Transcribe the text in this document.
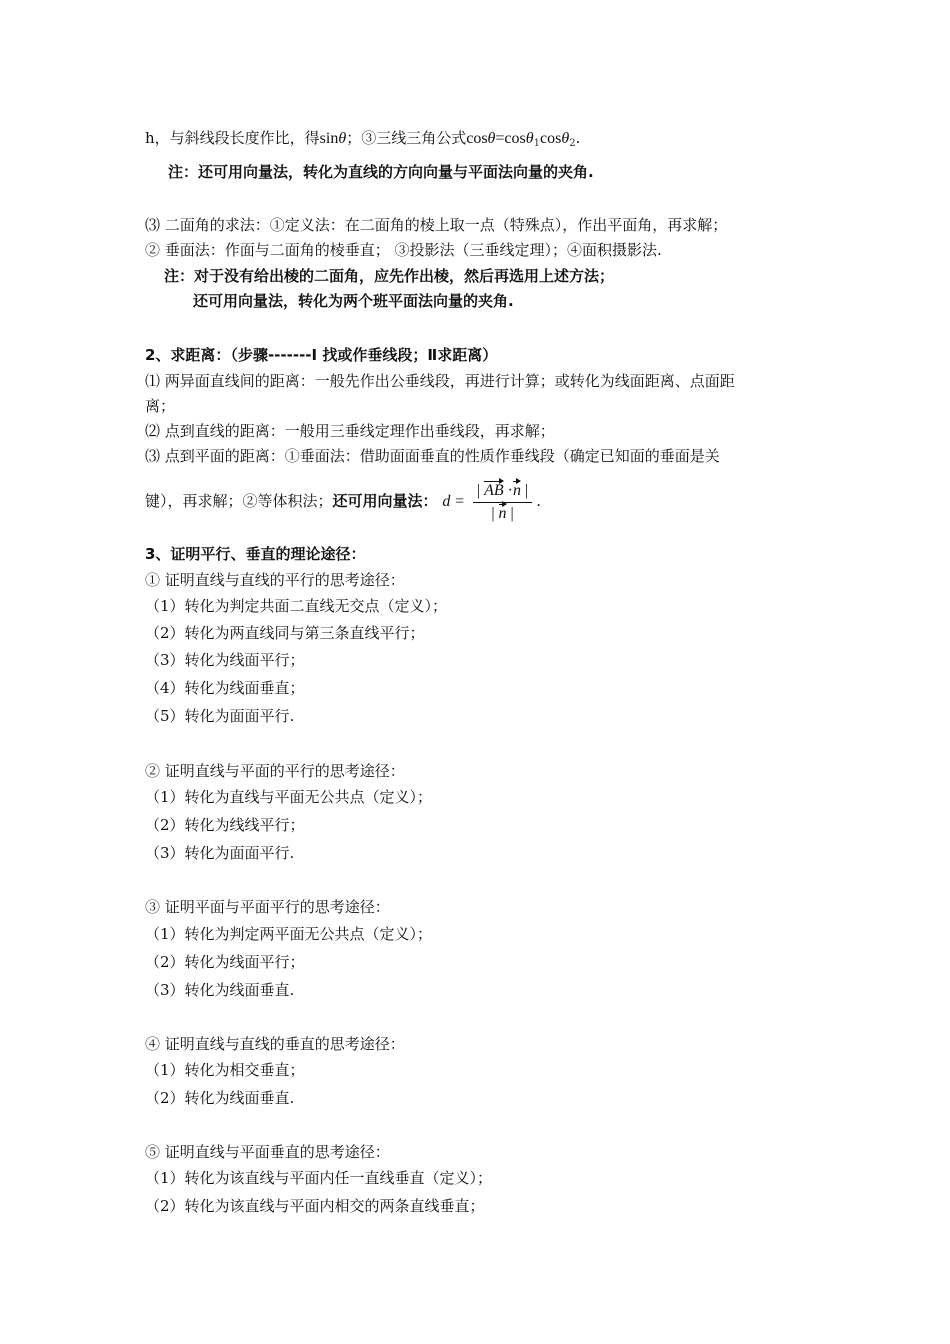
h，与斜线段长度作比，得sinθ；③三线三角公式cosθ=cosθ$_1$cosθ$_2$.
注：还可用向量法，转化为直线的方向向量与平面法向量的夹角.
⑶ 二面角的求法：①定义法：在二面角的棱上取一点（特殊点），作出平面角，再求解；
② 垂面法：作面与二面角的棱垂直； ③投影法（三垂线定理）；④面积摄影法.
注：对于没有给出棱的二面角，应先作出棱，然后再选用上述方法；
还可用向量法，转化为两个班平面法向量的夹角.
2、求距离：（步骤-------Ⅰ 找或作垂线段；Ⅱ求距离）
⑴ 两异面直线间的距离：一般先作出公垂线段，再进行计算；或转化为线面距离、点面距
离；
⑵ 点到直线的距离：一般用三垂线定理作出垂线段，再求解；
⑶ 点到平面的距离：①垂面法：借助面面垂直的性质作垂线段（确定已知面的垂面是关
键），再求解；②等体积法；还可用向量法： $d = \frac{| AB \cdot n |}{| n |}$ .
3、证明平行、垂直的理论途径：
① 证明直线与直线的平行的思考途径：
（1）转化为判定共面二直线无交点（定义）；
（2）转化为两直线同与第三条直线平行；
（3）转化为线面平行；
（4）转化为线面垂直；
（5）转化为面面平行.
② 证明直线与平面的平行的思考途径：
（1）转化为直线与平面无公共点（定义）；
（2）转化为线线平行；
（3）转化为面面平行.
③ 证明平面与平面平行的思考途径：
（1）转化为判定两平面无公共点（定义）；
（2）转化为线面平行；
（3）转化为线面垂直.
④ 证明直线与直线的垂直的思考途径：
（1）转化为相交垂直；
（2）转化为线面垂直.
⑤ 证明直线与平面垂直的思考途径：
（1）转化为该直线与平面内任一直线垂直（定义）；
（2）转化为该直线与平面内相交的两条直线垂直；
